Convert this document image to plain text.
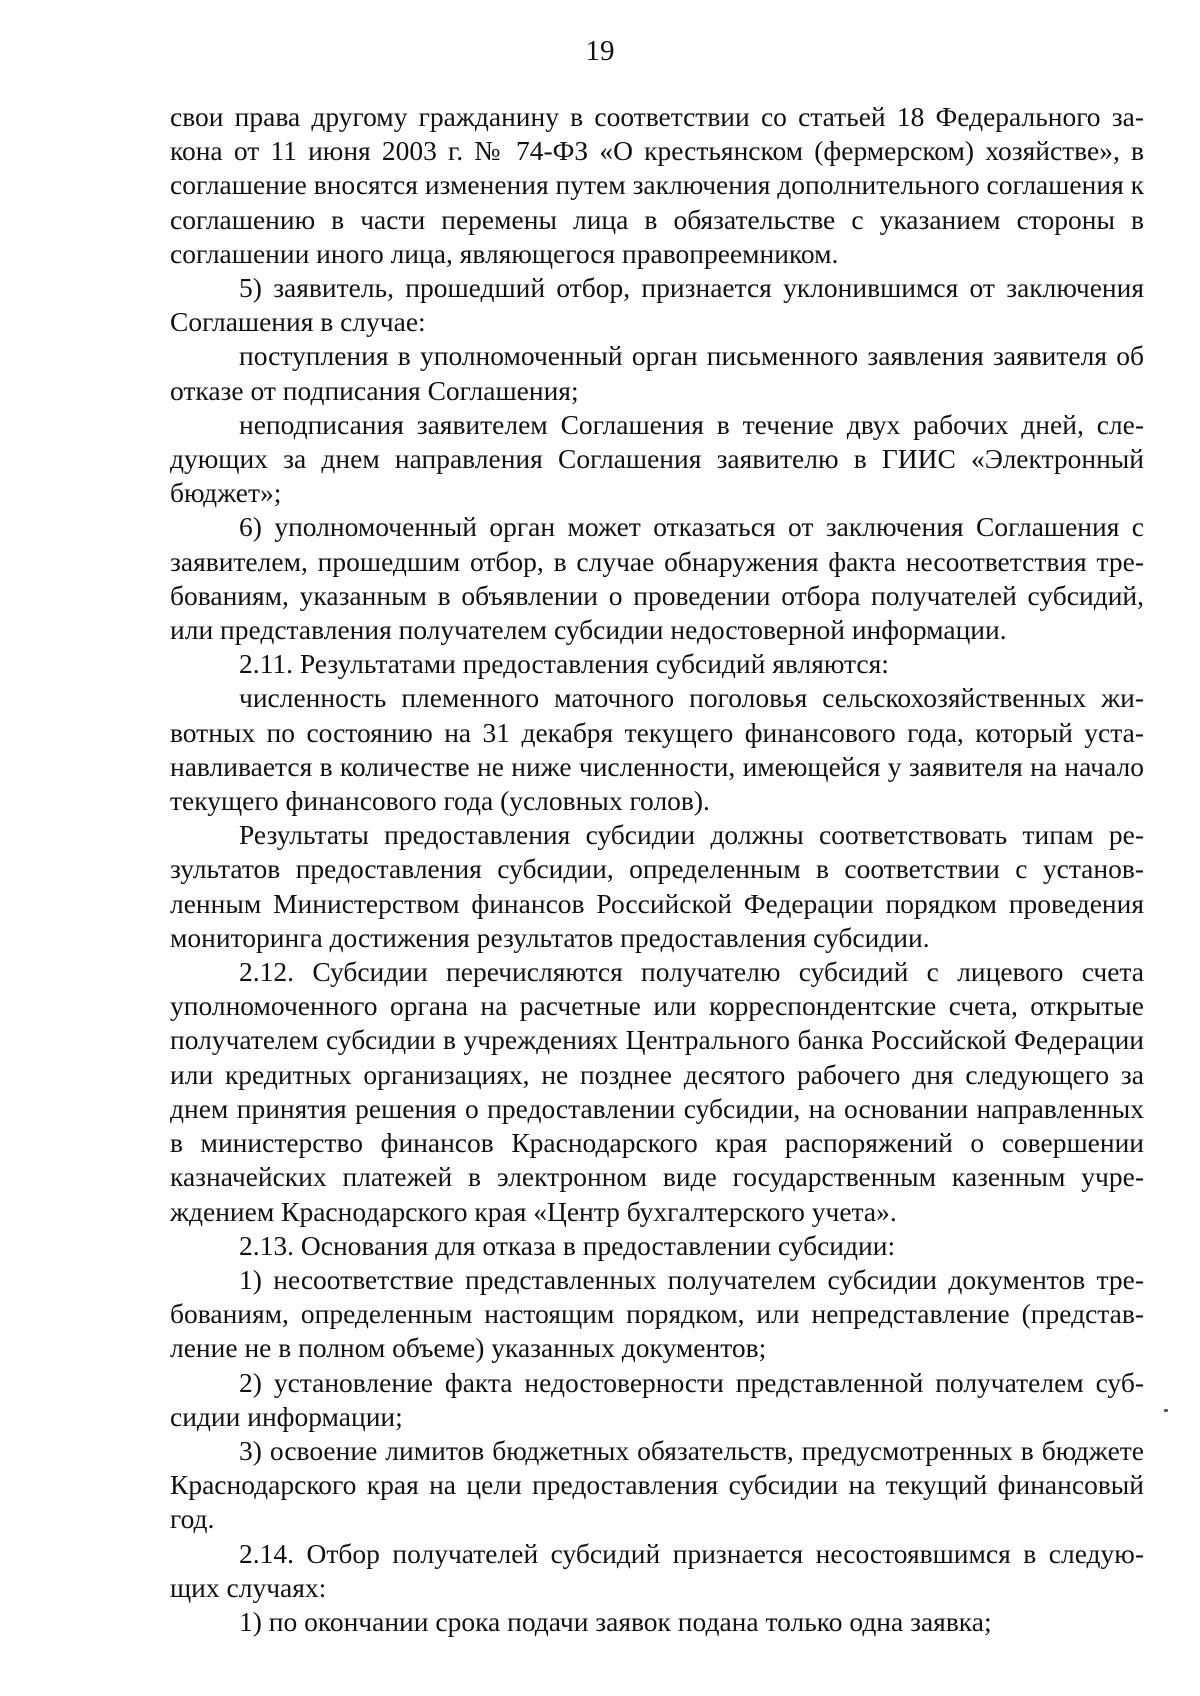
19

свои права другому гражданину в соответствии со статьей 18 Федерального закона от 11 июня 2003 г. № 74-ФЗ «О крестьянском (фермерском) хозяйстве», в соглашение вносятся изменения путем заключения дополнительного соглашения к соглашению в части перемены лица в обязательстве с указанием стороны в соглашении иного лица, являющегося правопреемником.

5) заявитель, прошедший отбор, признается уклонившимся от заключения Соглашения в случае:

поступления в уполномоченный орган письменного заявления заявителя об отказе от подписания Соглашения;

неподписания заявителем Соглашения в течение двух рабочих дней, следующих за днем направления Соглашения заявителю в ГИИС «Электронный бюджет»;

6) уполномоченный орган может отказаться от заключения Соглашения с заявителем, прошедшим отбор, в случае обнаружения факта несоответствия требованиям, указанным в объявлении о проведении отбора получателей субсидий, или представления получателем субсидии недостоверной информации.

2.11. Результатами предоставления субсидий являются:

численность племенного маточного поголовья сельскохозяйственных животных по состоянию на 31 декабря текущего финансового года, который устанавливается в количестве не ниже численности, имеющейся у заявителя на начало текущего финансового года (условных голов).

Результаты предоставления субсидии должны соответствовать типам результатов предоставления субсидии, определенным в соответствии с установленным Министерством финансов Российской Федерации порядком проведения мониторинга достижения результатов предоставления субсидии.

2.12. Субсидии перечисляются получателю субсидий с лицевого счета уполномоченного органа на расчетные или корреспондентские счета, открытые получателем субсидии в учреждениях Центрального банка Российской Федерации или кредитных организациях, не позднее десятого рабочего дня следующего за днем принятия решения о предоставлении субсидии, на основании направленных в министерство финансов Краснодарского края распоряжений о совершении казначейских платежей в электронном виде государственным казенным учреждением Краснодарского края «Центр бухгалтерского учета».

2.13. Основания для отказа в предоставлении субсидии:

1) несоответствие представленных получателем субсидии документов требованиям, определенным настоящим порядком, или непредставление (представление не в полном объеме) указанных документов;

2) установление факта недостоверности представленной получателем субсидии информации;

3) освоение лимитов бюджетных обязательств, предусмотренных в бюджете Краснодарского края на цели предоставления субсидии на текущий финансовый год.

2.14. Отбор получателей субсидий признается несостоявшимся в следующих случаях:

1) по окончании срока подачи заявок подана только одна заявка;
